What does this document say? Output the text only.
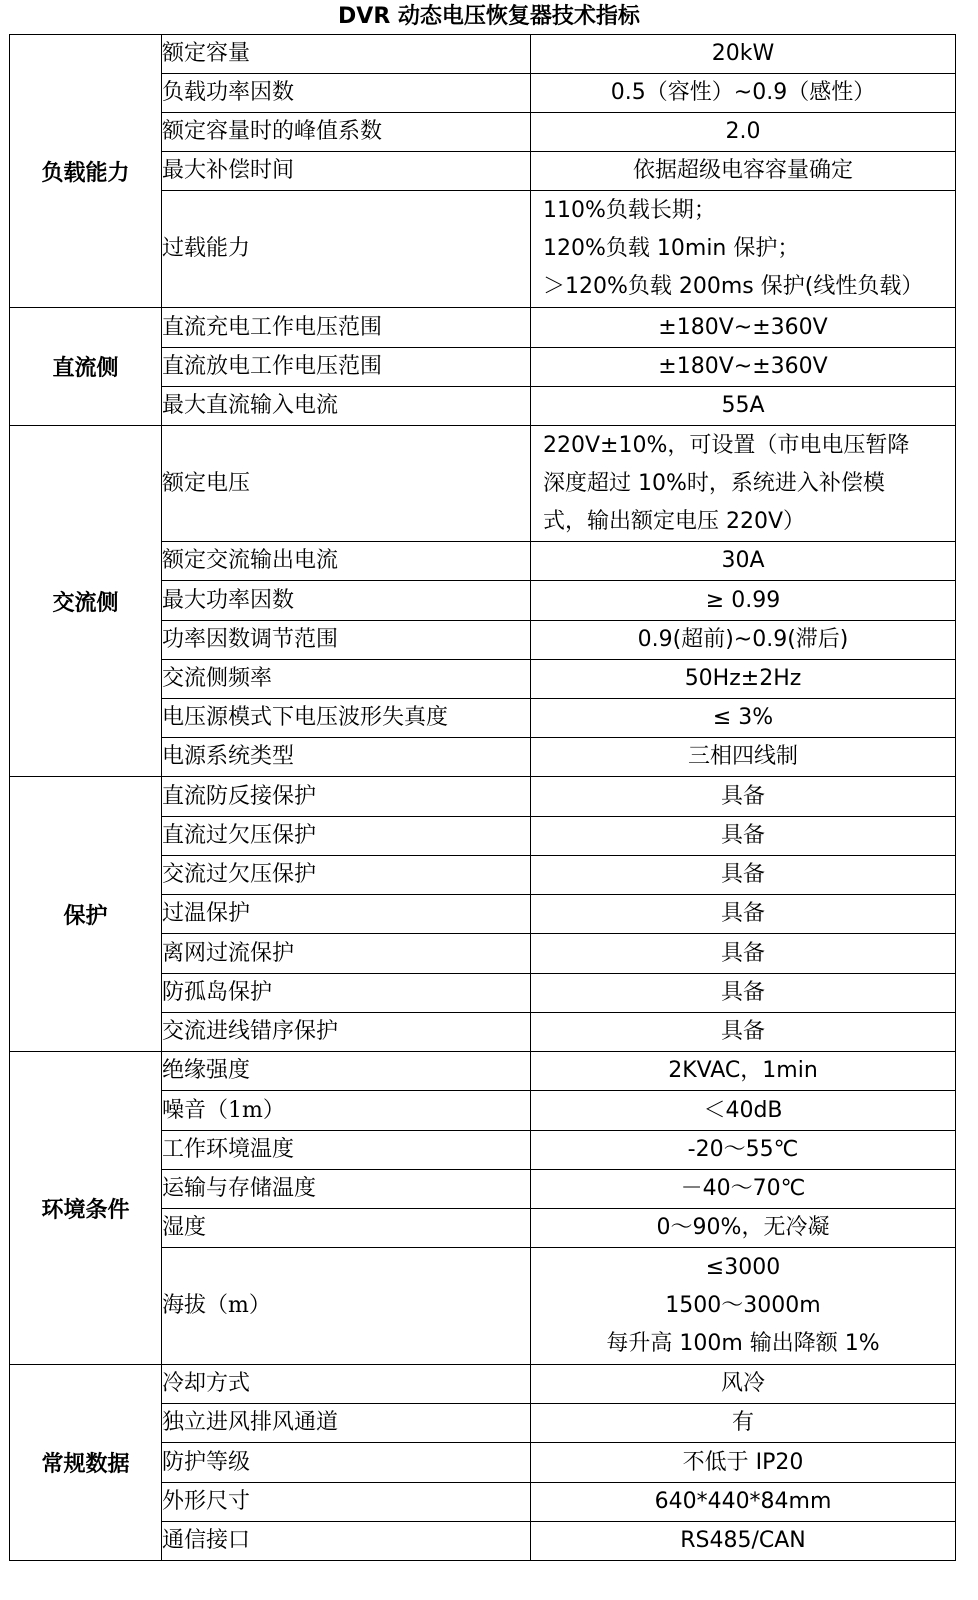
DVR 动态电压恢复器技术指标
负载能力	额定容量	20kW

	负载功率因数	0.5（容性）~0.9（感性）

	额定容量时的峰值系数	2.0

	最大补偿时间	依据超级电容容量确定

	过载能力	110%负载长期；
120%负载 10min 保护；
＞120%负载 200ms 保护(线性负载）

直流侧	直流充电工作电压范围	±180V~±360V

	直流放电工作电压范围	±180V~±360V

	最大直流输入电流	55A

交流侧	额定电压	220V±10%，可设置（市电电压暂降
深度超过 10%时，系统进入补偿模
式，输出额定电压 220V）

	额定交流输出电流	30A

	最大功率因数	≥ 0.99

	功率因数调节范围	0.9(超前)~0.9(滞后)

	交流侧频率	50Hz±2Hz

	电压源模式下电压波形失真度	≤ 3%

	电源系统类型	三相四线制

保护	直流防反接保护	具备

	直流过欠压保护	具备

	交流过欠压保护	具备

	过温保护	具备

	离网过流保护	具备

	防孤岛保护	具备

	交流进线错序保护	具备

环境条件	绝缘强度	2KVAC，1min

	噪音（1m）	＜40dB

	工作环境温度	-20～55℃

	运输与存储温度	－40～70℃

	湿度	0～90%，无冷凝

	海拔（m）	≤3000
1500～3000m
每升高 100m 输出降额 1%

常规数据	冷却方式	风冷

	独立进风排风通道	有

	防护等级	不低于 IP20

	外形尺寸	640*440*84mm

	通信接口	RS485/CAN
